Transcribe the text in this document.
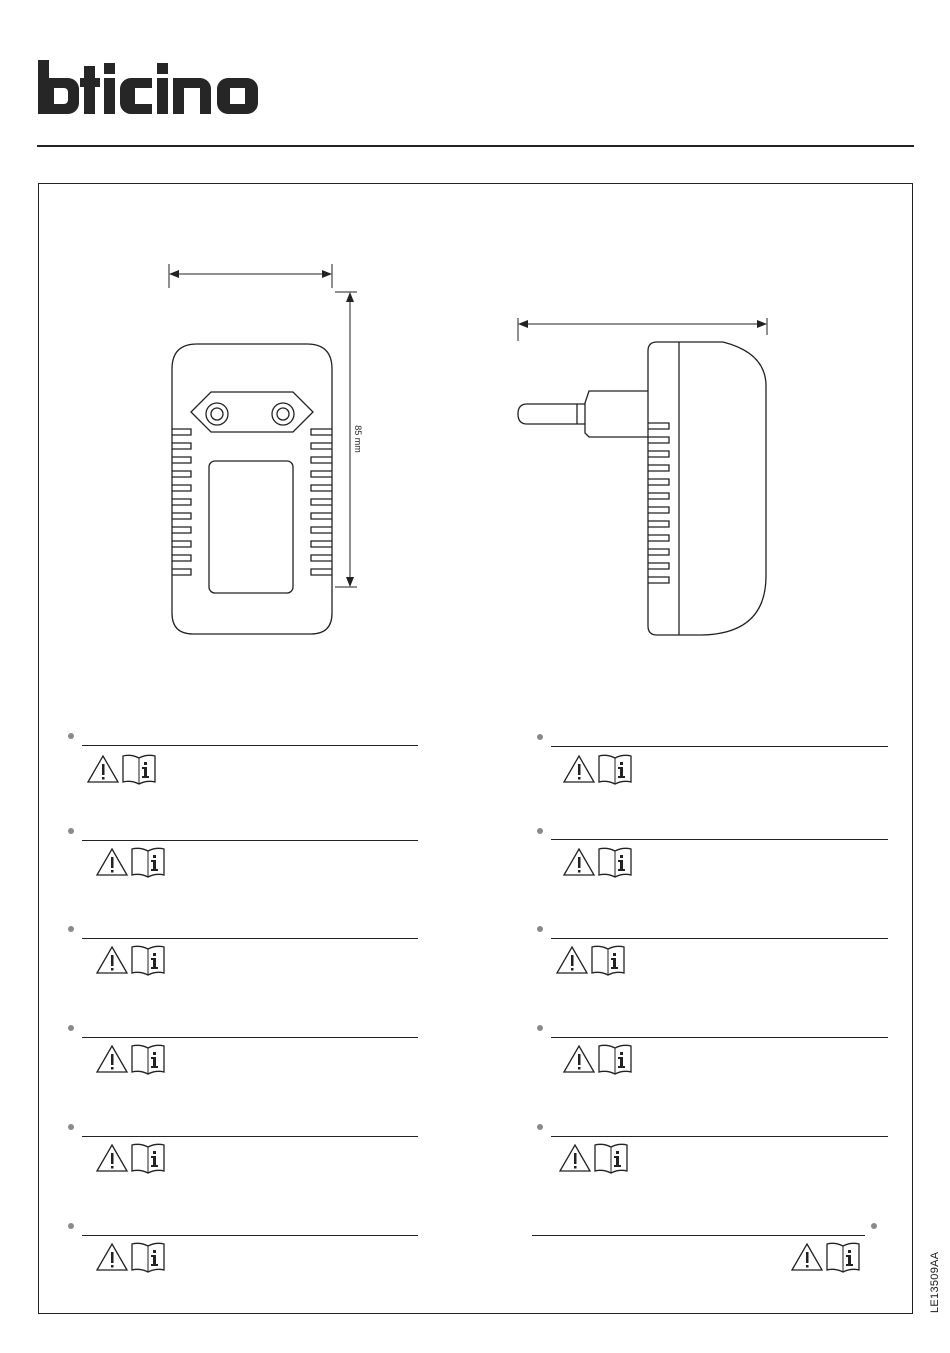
85 mm
LE13509AA
